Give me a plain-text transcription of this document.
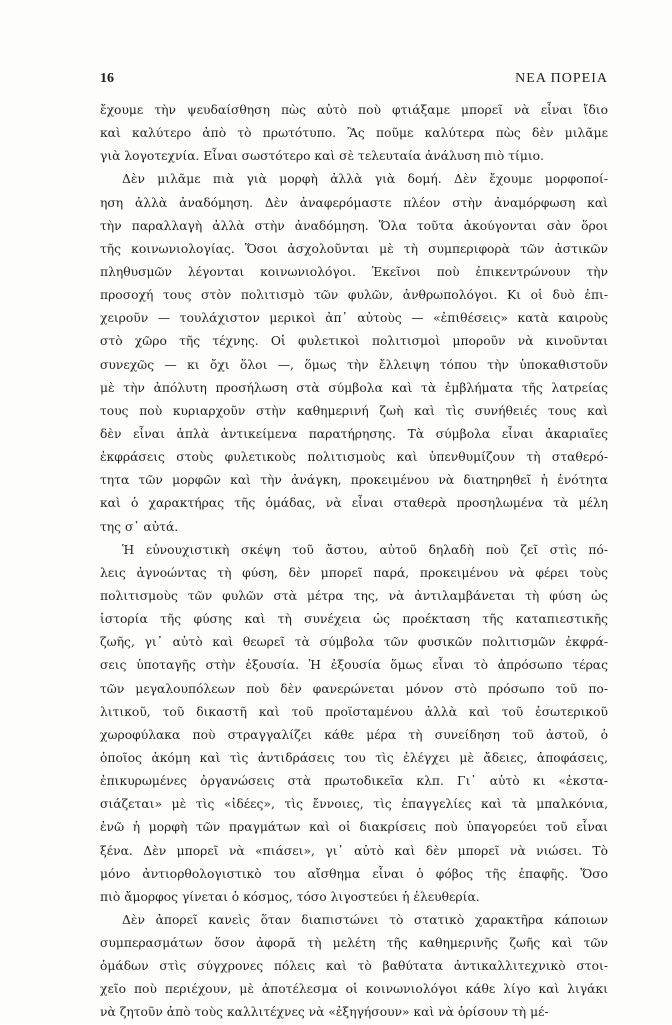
16	ΝΕΑ ΠΟΡΕΙΑ
ἔχουμε τὴν ψευδαίσθηση πὼς αὐτὸ ποὺ φτιάξαμε μπορεῖ νὰ εἶναι ἴδιο
καὶ καλύτερο ἀπὸ τὸ πρωτότυπο. Ἂς ποῦμε καλύτερα πὼς δὲν μιλᾶμε
γιὰ λογοτεχνία. Εἶναι σωστότερο καὶ σὲ τελευταία ἀνάλυση πιὸ τίμιο.
Δὲν μιλᾶμε πιὰ γιὰ μορφὴ ἀλλὰ γιὰ δομή. Δὲν ἔχουμε μορφοποί-
ηση ἀλλὰ ἀναδόμηση. Δὲν ἀναφερόμαστε πλέον στὴν ἀναμόρφωση καὶ
τὴν παραλλαγὴ ἀλλὰ στὴν ἀναδόμηση. Ὅλα τοῦτα ἀκούγονται σὰν ὅροι
τῆς κοινωνιολογίας. Ὅσοι ἀσχολοῦνται μὲ τὴ συμπεριφορὰ τῶν ἀστικῶν
πληθυσμῶν λέγονται κοινωνιολόγοι. Ἐκεῖνοι ποὺ ἐπικεντρώνουν τὴν
προσοχή τους στὸν πολιτισμὸ τῶν φυλῶν, ἀνθρωπολόγοι. Κι οἱ δυὸ ἐπι-
χειροῦν — τουλάχιστον μερικοὶ ἀπ᾽ αὐτοὺς — «ἐπιθέσεις» κατὰ καιροὺς
στὸ χῶρο τῆς τέχνης. Οἱ φυλετικοὶ πολιτισμοὶ μποροῦν νὰ κινοῦνται
συνεχῶς — κι ὄχι ὅλοι —, ὅμως τὴν ἔλλειψη τόπου τὴν ὑποκαθιστοῦν
μὲ τὴν ἀπόλυτη προσήλωση στὰ σύμβολα καὶ τὰ ἐμβλήματα τῆς λατρείας
τους ποὺ κυριαρχοῦν στὴν καθημερινή ζωὴ καὶ τὶς συνήθειές τους καὶ
δὲν εἶναι ἁπλὰ ἀντικείμενα παρατήρησης. Τὰ σύμβολα εἶναι ἀκαριαῖες
ἐκφράσεις στοὺς φυλετικοὺς πολιτισμοὺς καὶ ὑπενθυμίζουν τὴ σταθερό-
τητα τῶν μορφῶν καὶ τὴν ἀνάγκη, προκειμένου νὰ διατηρηθεῖ ἡ ἑνότητα
καὶ ὁ χαρακτήρας τῆς ὁμάδας, νὰ εἶναι σταθερὰ προσηλωμένα τὰ μέλη
της σ᾽ αὐτά.
Ἡ εὐνουχιστικὴ σκέψη τοῦ ἄστου, αὐτοῦ δηλαδὴ ποὺ ζεῖ στὶς πό-
λεις ἀγνοώντας τὴ φύση, δὲν μπορεῖ παρά, προκειμένου νὰ φέρει τοὺς
πολιτισμοὺς τῶν φυλῶν στὰ μέτρα της, νὰ ἀντιλαμβάνεται τὴ φύση ὡς
ἱστορία τῆς φύσης καὶ τὴ συνέχεια ὡς προέκταση τῆς καταπιεστικῆς
ζωῆς, γι᾽ αὐτὸ καὶ θεωρεῖ τὰ σύμβολα τῶν φυσικῶν πολιτισμῶν ἐκφρά-
σεις ὑποταγῆς στὴν ἐξουσία. Ἡ ἐξουσία ὅμως εἶναι τὸ ἀπρόσωπο τέρας
τῶν μεγαλουπόλεων ποὺ δὲν φανερώνεται μόνον στὸ πρόσωπο τοῦ πο-
λιτικοῦ, τοῦ δικαστῆ καὶ τοῦ προϊσταμένου ἀλλὰ καὶ τοῦ ἐσωτερικοῦ
χωροφύλακα ποὺ στραγγαλίζει κάθε μέρα τὴ συνείδηση τοῦ ἀστοῦ, ὁ
ὁποῖος ἀκόμη καὶ τὶς ἀντιδράσεις του τὶς ἐλέγχει μὲ ἄδειες, ἀποφάσεις,
ἐπικυρωμένες ὀργανώσεις στὰ πρωτοδικεῖα κλπ. Γι᾽ αὐτὸ κι «ἐκστα-
σιάζεται» μὲ τὶς «ἰδέες», τὶς ἔννοιες, τὶς ἐπαγγελίες καὶ τὰ μπαλκόνια,
ἐνῶ ἡ μορφὴ τῶν πραγμάτων καὶ οἱ διακρίσεις ποὺ ὑπαγορεύει τοῦ εἶναι
ξένα. Δὲν μπορεῖ νὰ «πιάσει», γι᾽ αὐτὸ καὶ δὲν μπορεῖ νὰ νιώσει. Τὸ
μόνο ἀντιορθολογιστικὸ του αἴσθημα εἶναι ὁ φόβος τῆς ἐπαφῆς. Ὅσο
πιὸ ἄμορφος γίνεται ὁ κόσμος, τόσο λιγοστεύει ἡ ἐλευθερία.
Δὲν ἀπορεῖ κανεὶς ὅταν διαπιστώνει τὸ στατικὸ χαρακτῆρα κάποιων
συμπερασμάτων ὅσον ἀφορᾶ τὴ μελέτη τῆς καθημερινῆς ζωῆς καὶ τῶν
ὁμάδων στὶς σύγχρονες πόλεις καὶ τὸ βαθύτατα ἀντικαλλιτεχνικὸ στοι-
χεῖο ποὺ περιέχουν, μὲ ἀποτέλεσμα οἱ κοινωνιολόγοι κάθε λίγο καὶ λιγάκι
νὰ ζητοῦν ἀπὸ τοὺς καλλιτέχνες νὰ «ἐξηγήσουν» καὶ νὰ ὁρίσουν τὴ μέ-
